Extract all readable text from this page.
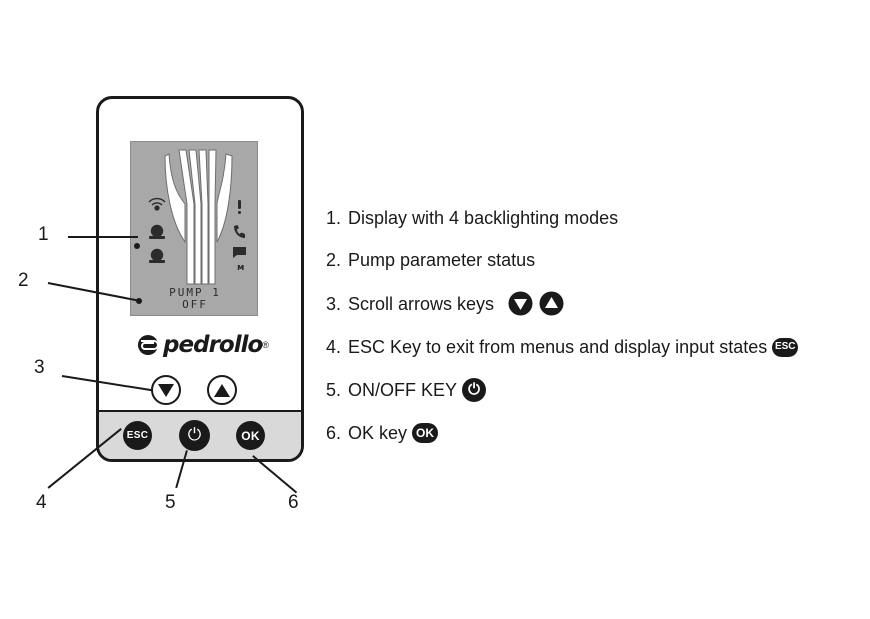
м
PUMP 1
OFF
pedrollo ®
ESC ⏻	OK
1
2
3
4	5	6
1. Display with 4 backlighting modes
2. Pump parameter status
3. Scroll arrows keys
4. ESC Key to exit from menus and display input states ESC
5. ON/OFF KEY ⏻
6. OK key OK
